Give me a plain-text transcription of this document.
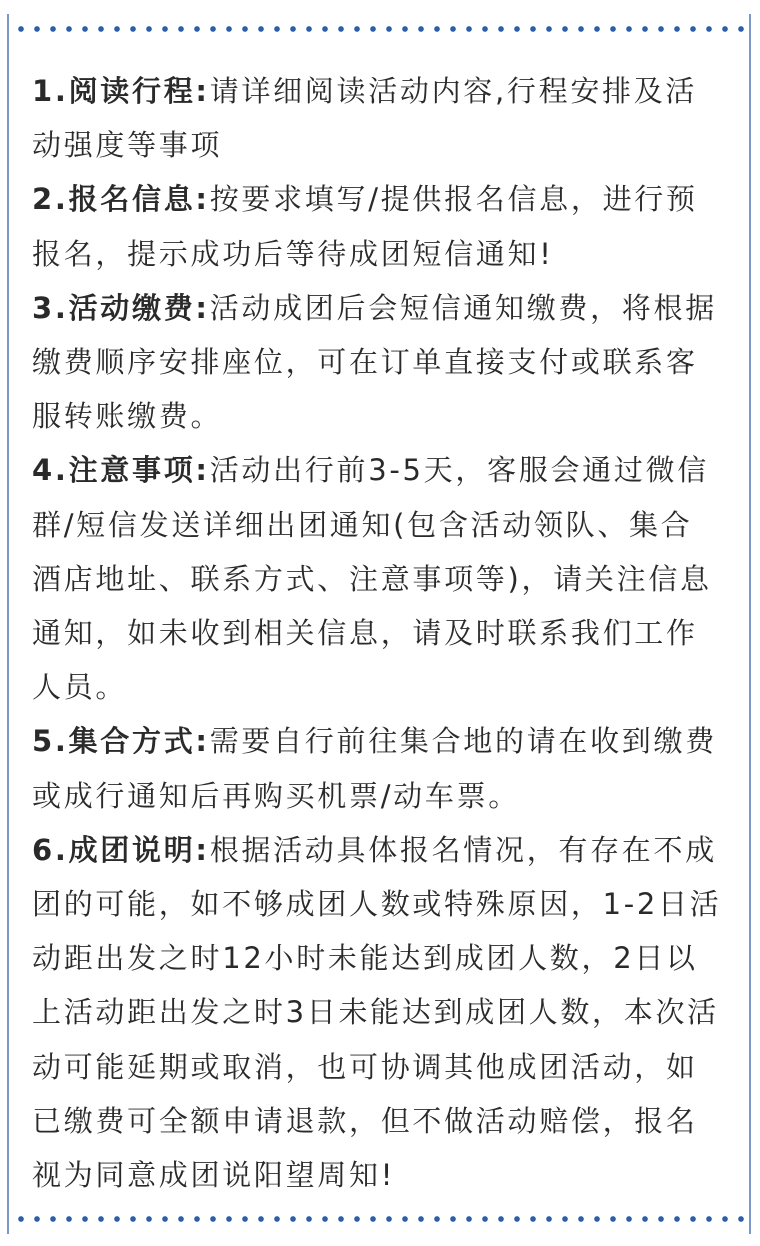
1.阅读行程:请详细阅读活动内容,行程安排及活动强度等事项

2.报名信息:按要求填写/提供报名信息，进行预报名，提示成功后等待成团短信通知!

3.活动缴费:活动成团后会短信通知缴费，将根据缴费顺序安排座位，可在订单直接支付或联系客服转账缴费。

4.注意事项:活动出行前3-5天，客服会通过微信群/短信发送详细出团通知(包含活动领队、集合酒店地址、联系方式、注意事项等)，请关注信息通知，如未收到相关信息，请及时联系我们工作人员。

5.集合方式:需要自行前往集合地的请在收到缴费或成行通知后再购买机票/动车票。

6.成团说明:根据活动具体报名情况，有存在不成团的可能，如不够成团人数或特殊原因，1-2日活动距出发之时12小时未能达到成团人数，2日以上活动距出发之时3日未能达到成团人数，本次活动可能延期或取消，也可协调其他成团活动，如已缴费可全额申请退款，但不做活动赔偿，报名视为同意成团说阳望周知!
